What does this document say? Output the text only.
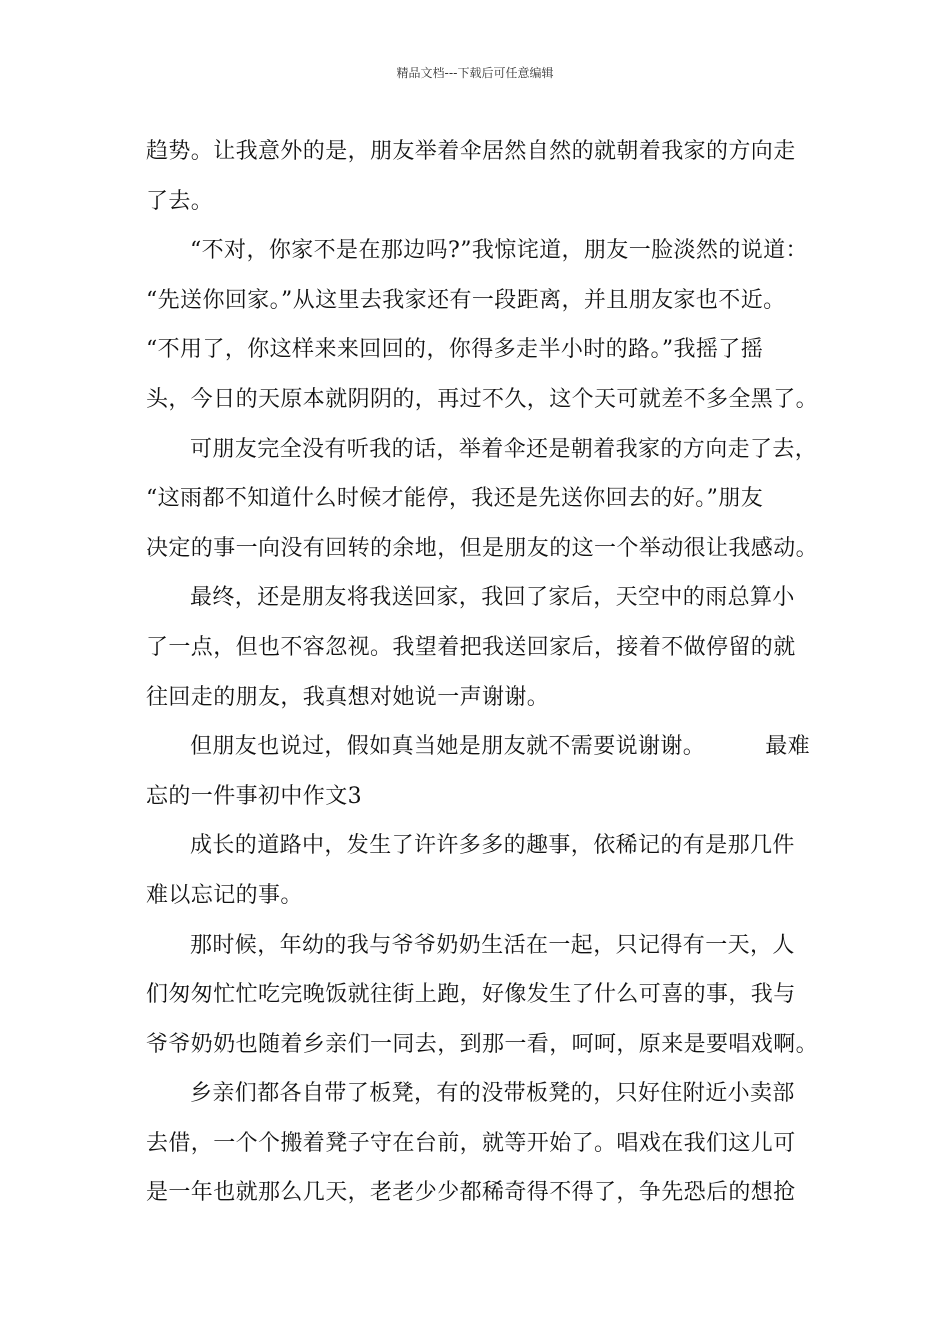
精品文档---下载后可任意编辑
趋势。让我意外的是，朋友举着伞居然自然的就朝着我家的方向走
了去。
“不对，你家不是在那边吗?”我惊诧道，朋友一脸淡然的说道：
“先送你回家。”从这里去我家还有一段距离，并且朋友家也不近。
“不用了，你这样来来回回的，你得多走半小时的路。”我摇了摇
头，今日的天原本就阴阴的，再过不久，这个天可就差不多全黑了。
可朋友完全没有听我的话，举着伞还是朝着我家的方向走了去，
“这雨都不知道什么时候才能停，我还是先送你回去的好。”朋友
决定的事一向没有回转的余地，但是朋友的这一个举动很让我感动。
最终，还是朋友将我送回家，我回了家后，天空中的雨总算小
了一点，但也不容忽视。我望着把我送回家后，接着不做停留的就
往回走的朋友，我真想对她说一声谢谢。
但朋友也说过，假如真当她是朋友就不需要说谢谢。	最难
忘的一件事初中作文3
成长的道路中，发生了许许多多的趣事，依稀记的有是那几件
难以忘记的事。
那时候，年幼的我与爷爷奶奶生活在一起，只记得有一天，人
们匆匆忙忙吃完晚饭就往街上跑，好像发生了什么可喜的事，我与
爷爷奶奶也随着乡亲们一同去，到那一看，呵呵，原来是要唱戏啊。
乡亲们都各自带了板凳，有的没带板凳的，只好住附近小卖部
去借，一个个搬着凳子守在台前，就等开始了。唱戏在我们这儿可
是一年也就那么几天，老老少少都稀奇得不得了，争先恐后的想抢
